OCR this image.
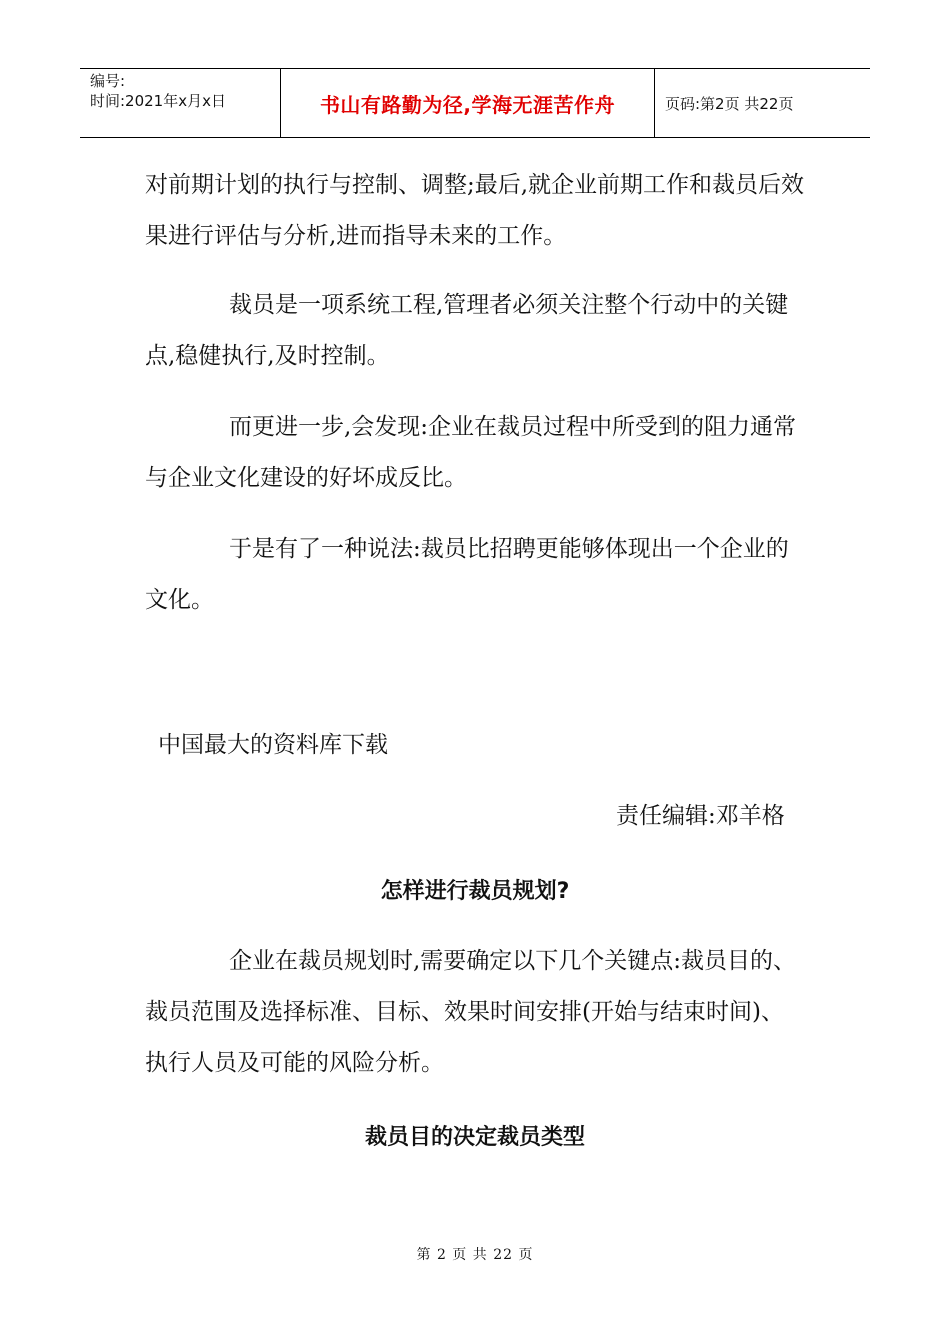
编号:
时间:2021年x月x日	书山有路勤为径,学海无涯苦作舟	页码:第2页 共22页

对前期计划的执行与控制、调整;最后,就企业前期工作和裁员后效果进行评估与分析,进而指导未来的工作。

裁员是一项系统工程,管理者必须关注整个行动中的关键点,稳健执行,及时控制。

而更进一步,会发现:企业在裁员过程中所受到的阻力通常与企业文化建设的好坏成反比。

于是有了一种说法:裁员比招聘更能够体现出一个企业的文化。

中国最大的资料库下载

责任编辑:邓羊格

怎样进行裁员规划?

企业在裁员规划时,需要确定以下几个关键点:裁员目的、裁员范围及选择标准、目标、效果时间安排(开始与结束时间)、执行人员及可能的风险分析。

裁员目的决定裁员类型
第 2 页 共 22 页
